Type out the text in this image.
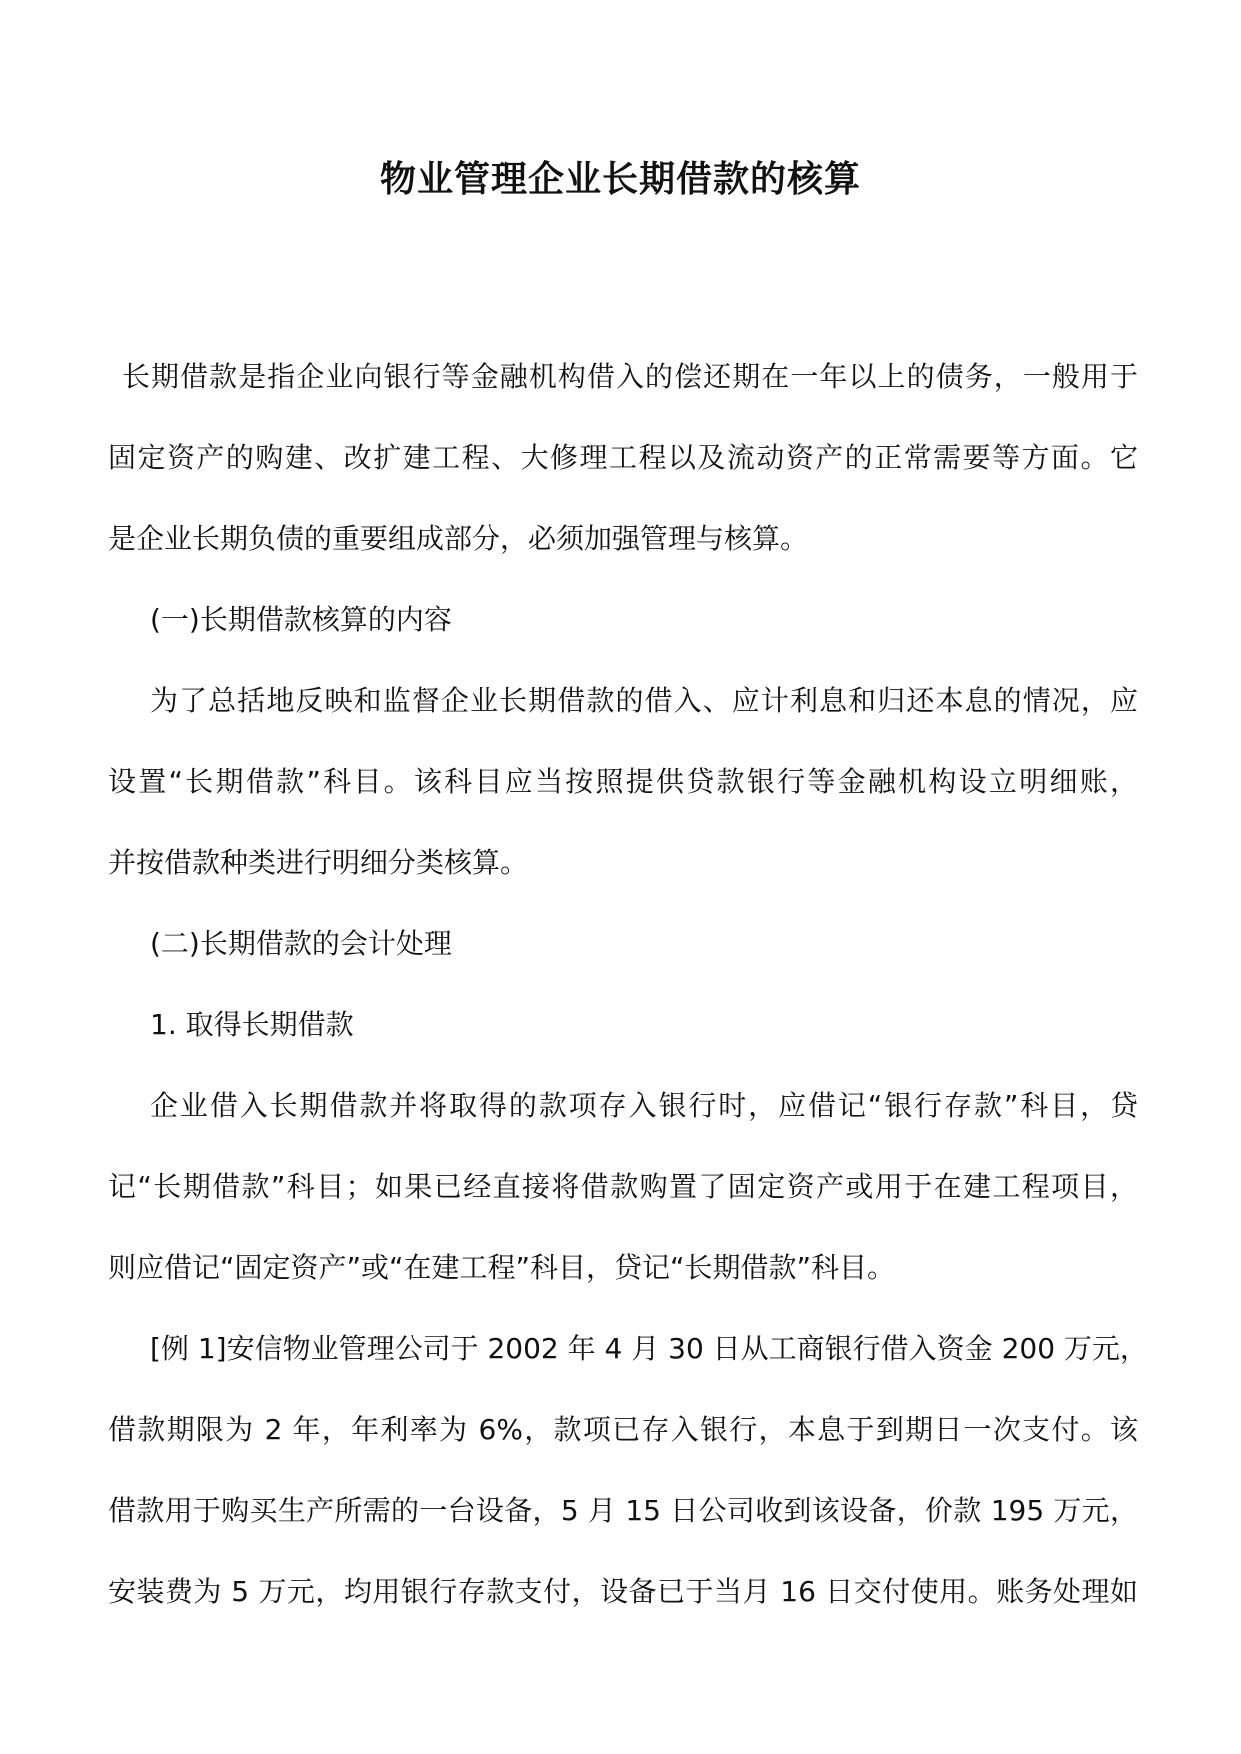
物业管理企业长期借款的核算
长期借款是指企业向银行等金融机构借入的偿还期在一年以上的债务，一般用于
固定资产的购建、改扩建工程、大修理工程以及流动资产的正常需要等方面。它
是企业长期负债的重要组成部分，必须加强管理与核算。
(一)长期借款核算的内容
为了总括地反映和监督企业长期借款的借入、应计利息和归还本息的情况，应
设置“长期借款”科目。该科目应当按照提供贷款银行等金融机构设立明细账，
并按借款种类进行明细分类核算。
(二)长期借款的会计处理
1. 取得长期借款
企业借入长期借款并将取得的款项存入银行时，应借记“银行存款”科目，贷
记“长期借款”科目；如果已经直接将借款购置了固定资产或用于在建工程项目，
则应借记“固定资产”或“在建工程”科目，贷记“长期借款”科目。
[例 1]安信物业管理公司于 2002 年 4 月 30 日从工商银行借入资金 200 万元，
借款期限为 2 年，年利率为 6%，款项已存入银行，本息于到期日一次支付。该
借款用于购买生产所需的一台设备，5 月 15 日公司收到该设备，价款 195 万元，
安装费为 5 万元，均用银行存款支付，设备已于当月 16 日交付使用。账务处理如
